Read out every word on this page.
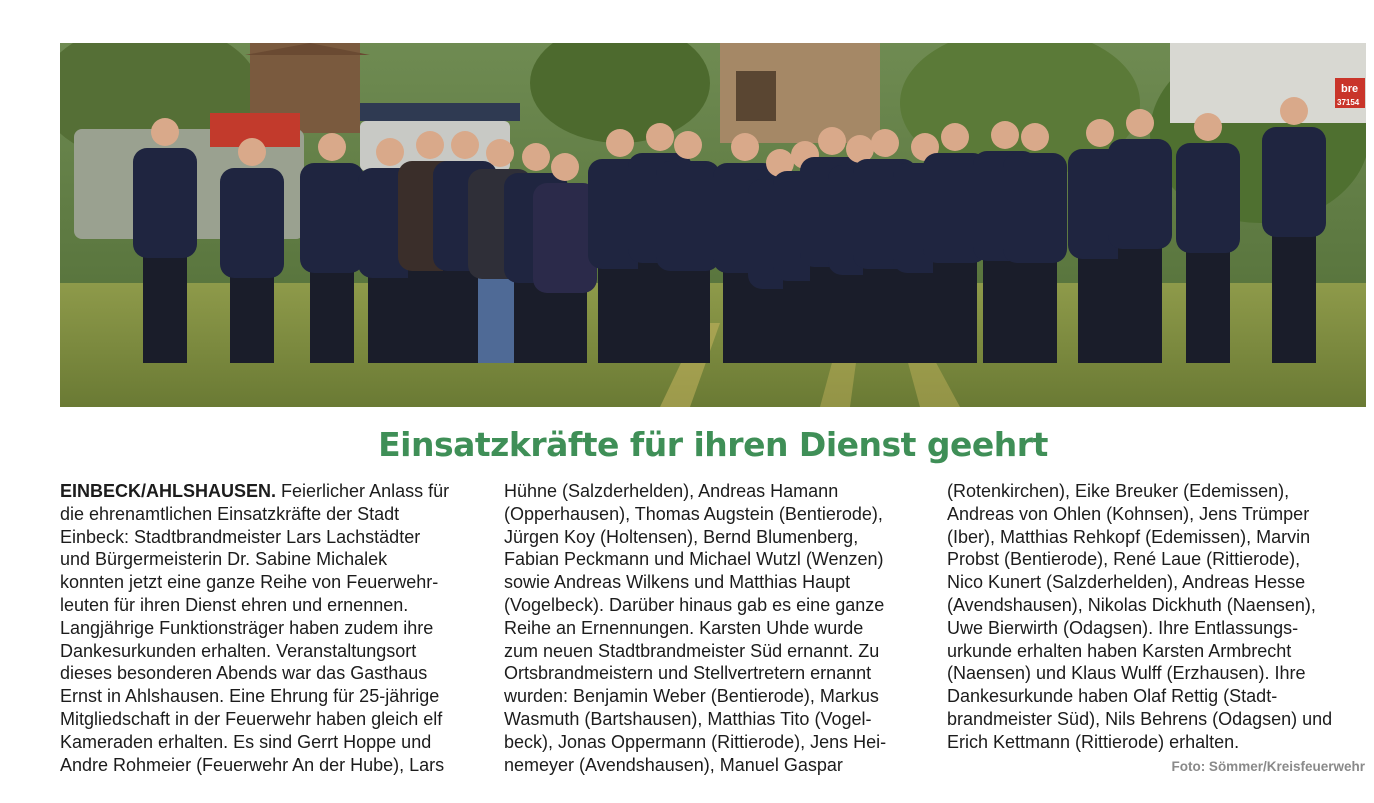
bre
37154
Einsatzkräfte für ihren Dienst geehrt

EINBECK/AHLSHAUSEN. Feierlicher Anlass für
die ehrenamtlichen Einsatzkräfte der Stadt
Einbeck: Stadtbrandmeister Lars Lachstädter
und Bürgermeisterin Dr. Sabine Michalek
konnten jetzt eine ganze Reihe von Feuerwehr-
leuten für ihren Dienst ehren und ernennen.
Langjährige Funktionsträger haben zudem ihre
Dankesurkunden erhalten. Veranstaltungsort
dieses besonderen Abends war das Gasthaus
Ernst in Ahlshausen. Eine Ehrung für 25-jährige
Mitgliedschaft in der Feuerwehr haben gleich elf
Kameraden erhalten. Es sind Gerrt Hoppe und
Andre Rohmeier (Feuerwehr An der Hube), Lars

Hühne (Salzderhelden), Andreas Hamann
(Opperhausen), Thomas Augstein (Bentierode),
Jürgen Koy (Holtensen), Bernd Blumenberg,
Fabian Peckmann und Michael Wutzl (Wenzen)
sowie Andreas Wilkens und Matthias Haupt
(Vogelbeck). Darüber hinaus gab es eine ganze
Reihe an Ernennungen. Karsten Uhde wurde
zum neuen Stadtbrandmeister Süd ernannt. Zu
Ortsbrandmeistern und Stellvertretern ernannt
wurden: Benjamin Weber (Bentierode), Markus
Wasmuth (Bartshausen), Matthias Tito (Vogel-
beck), Jonas Oppermann (Rittierode), Jens Hei-
nemeyer (Avendshausen), Manuel Gaspar

(Rotenkirchen), Eike Breuker (Edemissen),
Andreas von Ohlen (Kohnsen), Jens Trümper
(Iber), Matthias Rehkopf (Edemissen), Marvin
Probst (Bentierode), René Laue (Rittierode),
Nico Kunert (Salzderhelden), Andreas Hesse
(Avendshausen), Nikolas Dickhuth (Naensen),
Uwe Bierwirth (Odagsen). Ihre Entlassungs-
urkunde erhalten haben Karsten Armbrecht
(Naensen) und Klaus Wulff (Erzhausen). Ihre
Dankesurkunde haben Olaf Rettig (Stadt-
brandmeister Süd), Nils Behrens (Odagsen) und
Erich Kettmann (Rittierode) erhalten.

Foto: Sömmer/Kreisfeuerwehr
